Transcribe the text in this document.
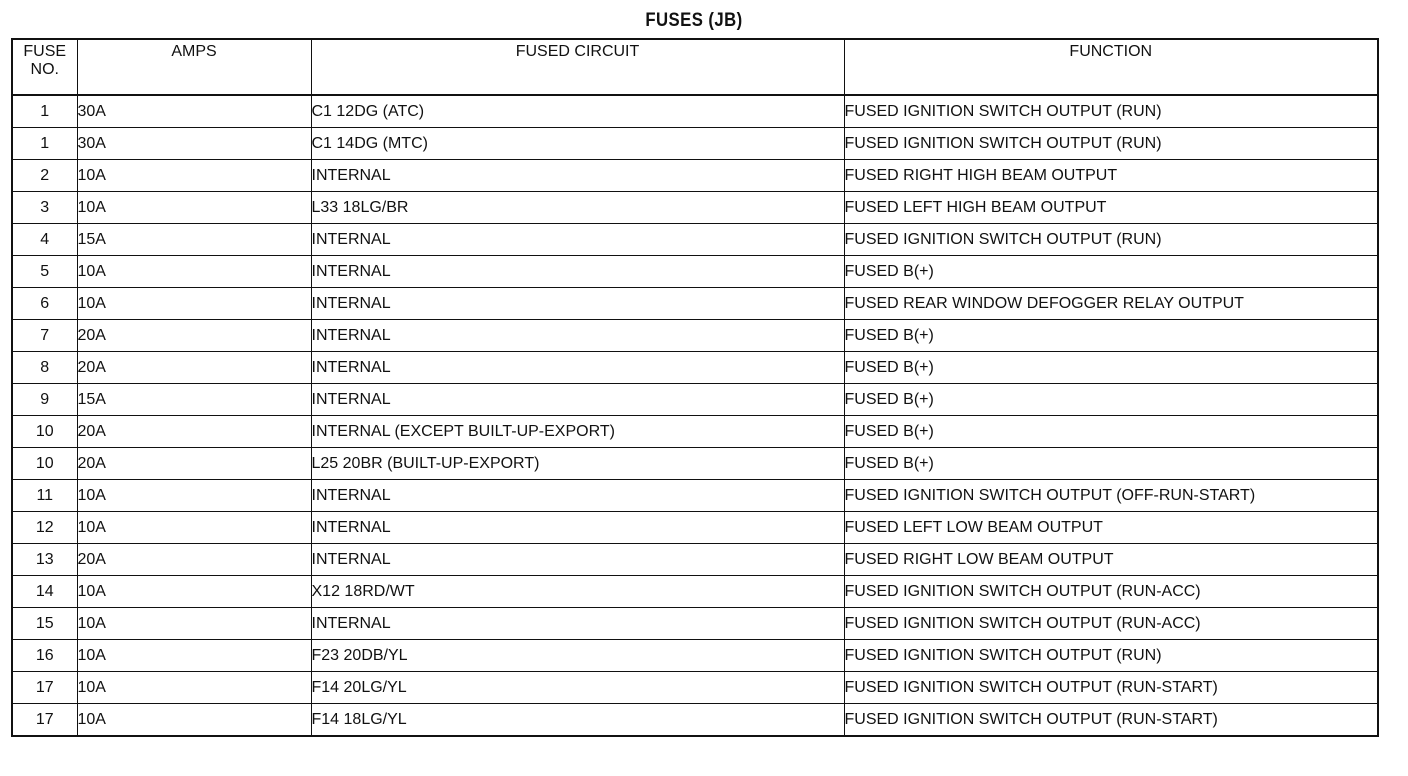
FUSES (JB)
FUSE
NO.	AMPS	FUSED CIRCUIT	FUNCTION
1	30A	C1 12DG (ATC)	FUSED IGNITION SWITCH OUTPUT (RUN)
1	30A	C1 14DG (MTC)	FUSED IGNITION SWITCH OUTPUT (RUN)
2	10A	INTERNAL	FUSED RIGHT HIGH BEAM OUTPUT
3	10A	L33 18LG/BR	FUSED LEFT HIGH BEAM OUTPUT
4	15A	INTERNAL	FUSED IGNITION SWITCH OUTPUT (RUN)
5	10A	INTERNAL	FUSED B(+)
6	10A	INTERNAL	FUSED REAR WINDOW DEFOGGER RELAY OUTPUT
7	20A	INTERNAL	FUSED B(+)
8	20A	INTERNAL	FUSED B(+)
9	15A	INTERNAL	FUSED B(+)
10	20A	INTERNAL (EXCEPT BUILT-UP-EXPORT)	FUSED B(+)
10	20A	L25 20BR (BUILT-UP-EXPORT)	FUSED B(+)
11	10A	INTERNAL	FUSED IGNITION SWITCH OUTPUT (OFF-RUN-START)
12	10A	INTERNAL	FUSED LEFT LOW BEAM OUTPUT
13	20A	INTERNAL	FUSED RIGHT LOW BEAM OUTPUT
14	10A	X12 18RD/WT	FUSED IGNITION SWITCH OUTPUT (RUN-ACC)
15	10A	INTERNAL	FUSED IGNITION SWITCH OUTPUT (RUN-ACC)
16	10A	F23 20DB/YL	FUSED IGNITION SWITCH OUTPUT (RUN)
17	10A	F14 20LG/YL	FUSED IGNITION SWITCH OUTPUT (RUN-START)
17	10A	F14 18LG/YL	FUSED IGNITION SWITCH OUTPUT (RUN-START)
